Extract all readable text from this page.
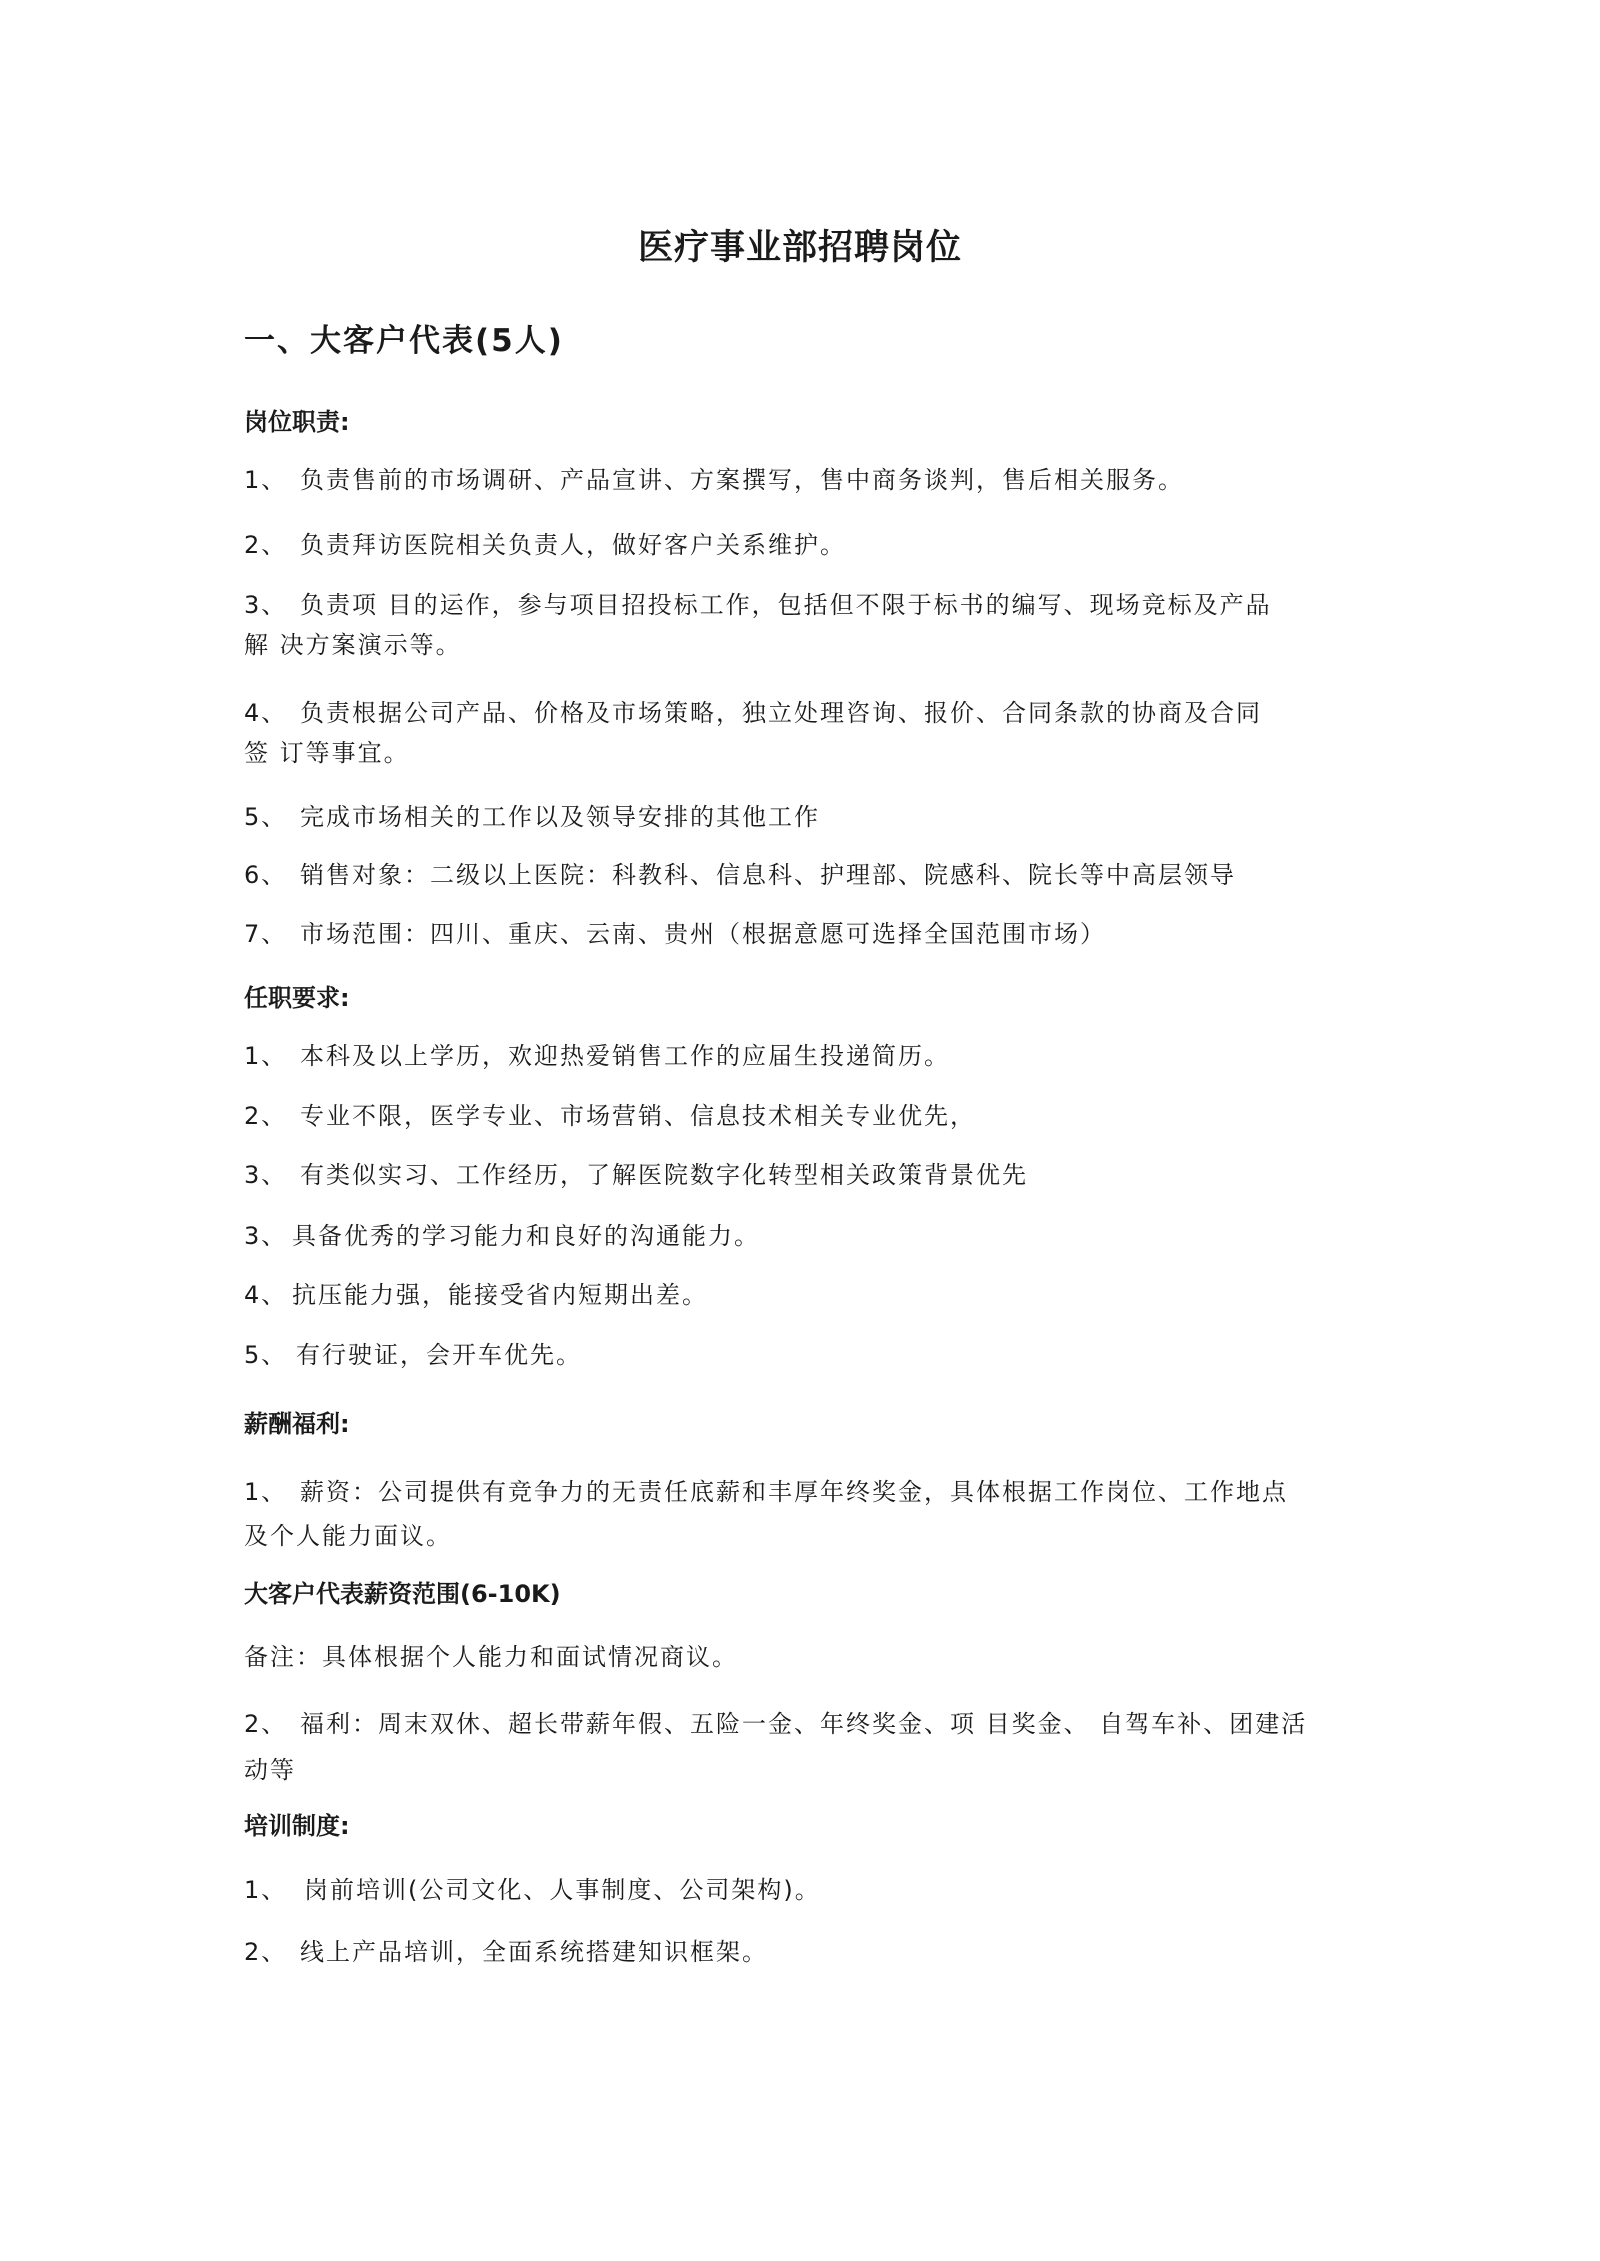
医疗事业部招聘岗位
一、大客户代表(5人)

岗位职责:

1、 负责售前的市场调研、产品宣讲、方案撰写，售中商务谈判，售后相关服务。
2、 负责拜访医院相关负责人，做好客户关系维护。
3、 负责项 目的运作，参与项目招投标工作，包括但不限于标书的编写、现场竞标及产品
解 决方案演示等。
4、 负责根据公司产品、价格及市场策略，独立处理咨询、报价、合同条款的协商及合同
签 订等事宜。
5、 完成市场相关的工作以及领导安排的其他工作
6、 销售对象：二级以上医院：科教科、信息科、护理部、院感科、院长等中高层领导
7、 市场范围：四川、重庆、云南、贵州（根据意愿可选择全国范围市场）

任职要求:

1、 本科及以上学历，欢迎热爱销售工作的应届生投递简历。
2、 专业不限，医学专业、市场营销、信息技术相关专业优先，
3、 有类似实习、工作经历，了解医院数字化转型相关政策背景优先
3、 具备优秀的学习能力和良好的沟通能力。
4、 抗压能力强，能接受省内短期出差。
5、 有行驶证，会开车优先。

薪酬福利:

1、 薪资：公司提供有竞争力的无责任底薪和丰厚年终奖金，具体根据工作岗位、工作地点
及个人能力面议。

大客户代表薪资范围(6-10K)

备注：具体根据个人能力和面试情况商议。
2、 福利：周末双休、超长带薪年假、五险一金、年终奖金、项 目奖金、 自驾车补、团建活
动等

培训制度:

1、 岗前培训(公司文化、人事制度、公司架构)。
2、 线上产品培训，全面系统搭建知识框架。
